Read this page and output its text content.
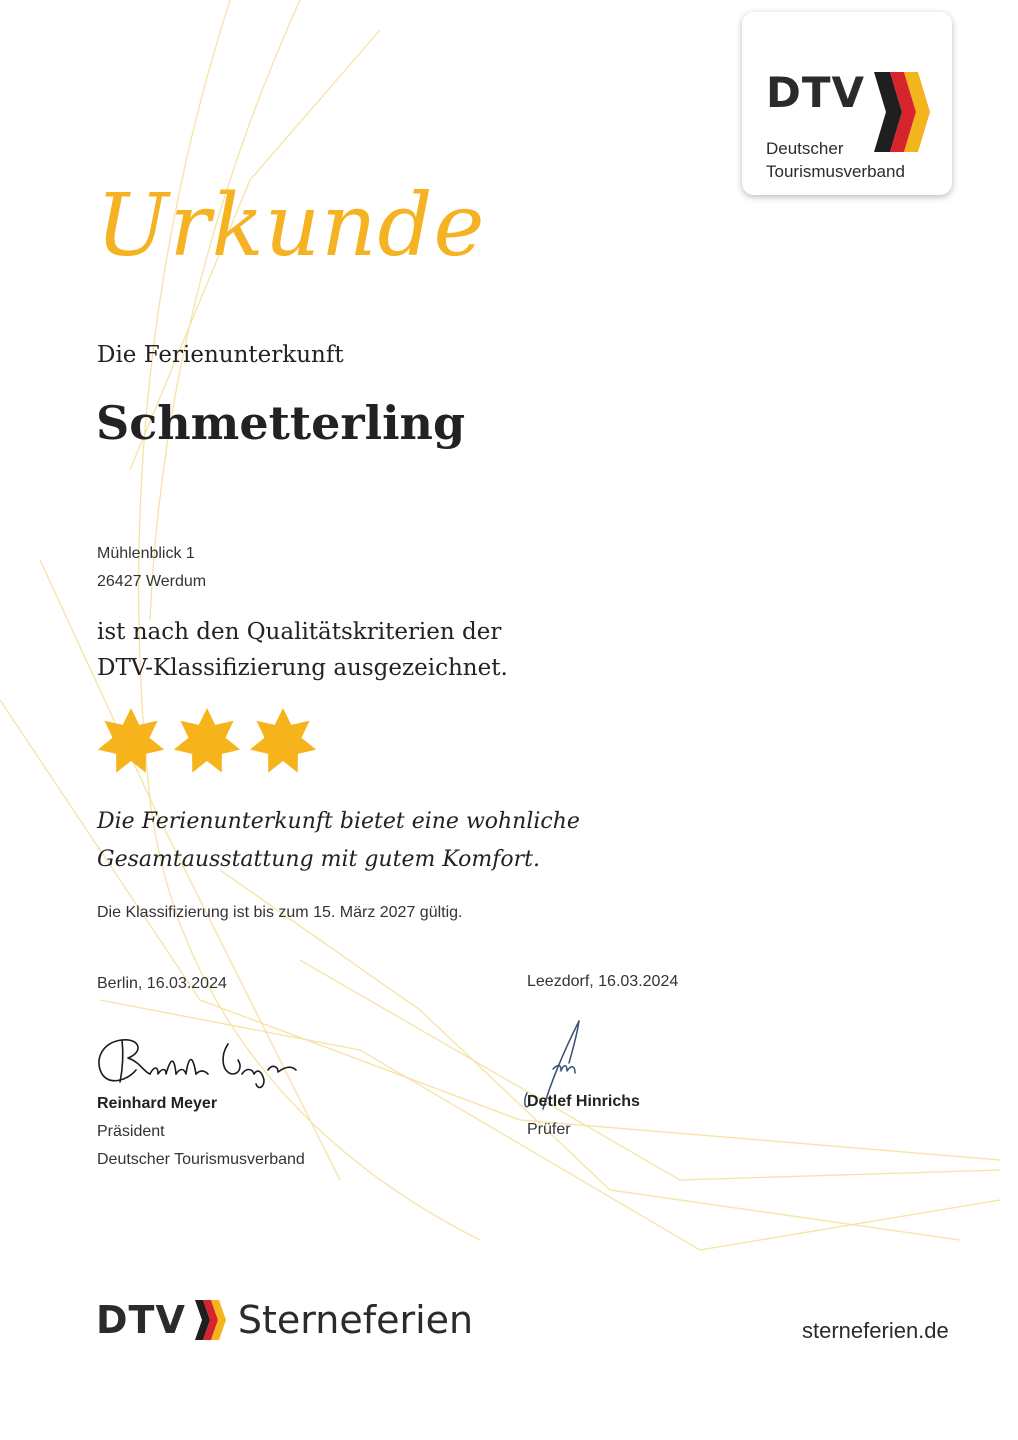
DTV
Deutscher
Tourismusverband
Urkunde
Die Ferienunterkunft
Schmetterling
Mühlenblick 1
26427 Werdum
ist nach den Qualitätskriterien der
DTV-Klassifizierung ausgezeichnet.
Die Ferienunterkunft bietet eine wohnliche
Gesamtausstattung mit gutem Komfort.
Die Klassifizierung ist bis zum 15. März 2027 gültig.
Berlin, 16.03.2024	Leezdorf, 16.03.2024
Reinhard Meyer
Präsident
Deutscher Tourismusverband
Detlef Hinrichs
Prüfer
DTV Sterneferien	sterneferien.de
